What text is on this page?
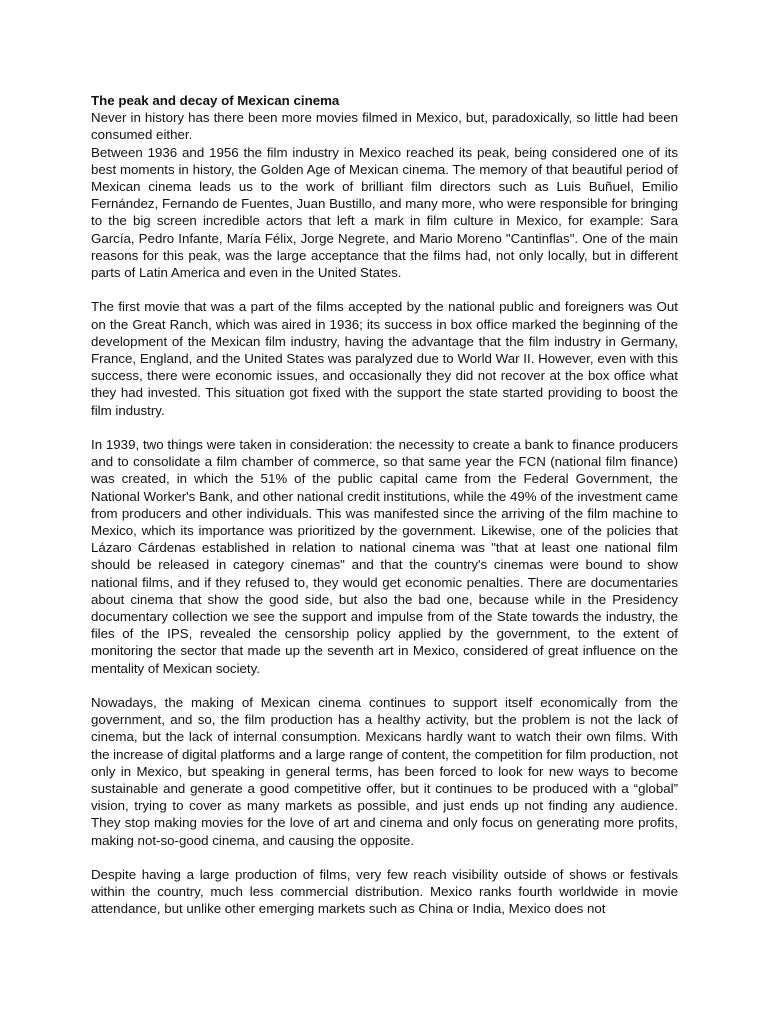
The peak and decay of Mexican cinema

Never in history has there been more movies filmed in Mexico, but, paradoxically, so little had been consumed either.

Between 1936 and 1956 the film industry in Mexico reached its peak, being considered one of its best moments in history, the Golden Age of Mexican cinema. The memory of that beautiful period of Mexican cinema leads us to the work of brilliant film directors such as Luis Buñuel, Emilio Fernández, Fernando de Fuentes, Juan Bustillo, and many more, who were responsible for bringing to the big screen incredible actors that left a mark in film culture in Mexico, for example: Sara García, Pedro Infante, María Félix, Jorge Negrete, and Mario Moreno "Cantinflas". One of the main reasons for this peak, was the large acceptance that the films had, not only locally, but in different parts of Latin America and even in the United States.

The first movie that was a part of the films accepted by the national public and foreigners was Out on the Great Ranch, which was aired in 1936; its success in box office marked the beginning of the development of the Mexican film industry, having the advantage that the film industry in Germany, France, England, and the United States was paralyzed due to World War II. However, even with this success, there were economic issues, and occasionally they did not recover at the box office what they had invested. This situation got fixed with the support the state started providing to boost the film industry.

In 1939, two things were taken in consideration: the necessity to create a bank to finance producers and to consolidate a film chamber of commerce, so that same year the FCN (national film finance) was created, in which the 51% of the public capital came from the Federal Government, the National Worker's Bank, and other national credit institutions, while the 49% of the investment came from producers and other individuals. This was manifested since the arriving of the film machine to Mexico, which its importance was prioritized by the government. Likewise, one of the policies that Lázaro Cárdenas established in relation to national cinema was "that at least one national film should be released in category cinemas" and that the country's cinemas were bound to show national films, and if they refused to, they would get economic penalties. There are documentaries about cinema that show the good side, but also the bad one, because while in the Presidency documentary collection we see the support and impulse from of the State towards the industry, the files of the IPS, revealed the censorship policy applied by the government, to the extent of monitoring the sector that made up the seventh art in Mexico, considered of great influence on the mentality of Mexican society.

Nowadays, the making of Mexican cinema continues to support itself economically from the government, and so, the film production has a healthy activity, but the problem is not the lack of cinema, but the lack of internal consumption. Mexicans hardly want to watch their own films. With the increase of digital platforms and a large range of content, the competition for film production, not only in Mexico, but speaking in general terms, has been forced to look for new ways to become sustainable and generate a good competitive offer, but it continues to be produced with a “global” vision, trying to cover as many markets as possible, and just ends up not finding any audience. They stop making movies for the love of art and cinema and only focus on generating more profits, making not-so-good cinema, and causing the opposite.

Despite having a large production of films, very few reach visibility outside of shows or festivals within the country, much less commercial distribution. Mexico ranks fourth worldwide in movie attendance, but unlike other emerging markets such as China or India, Mexico does not
